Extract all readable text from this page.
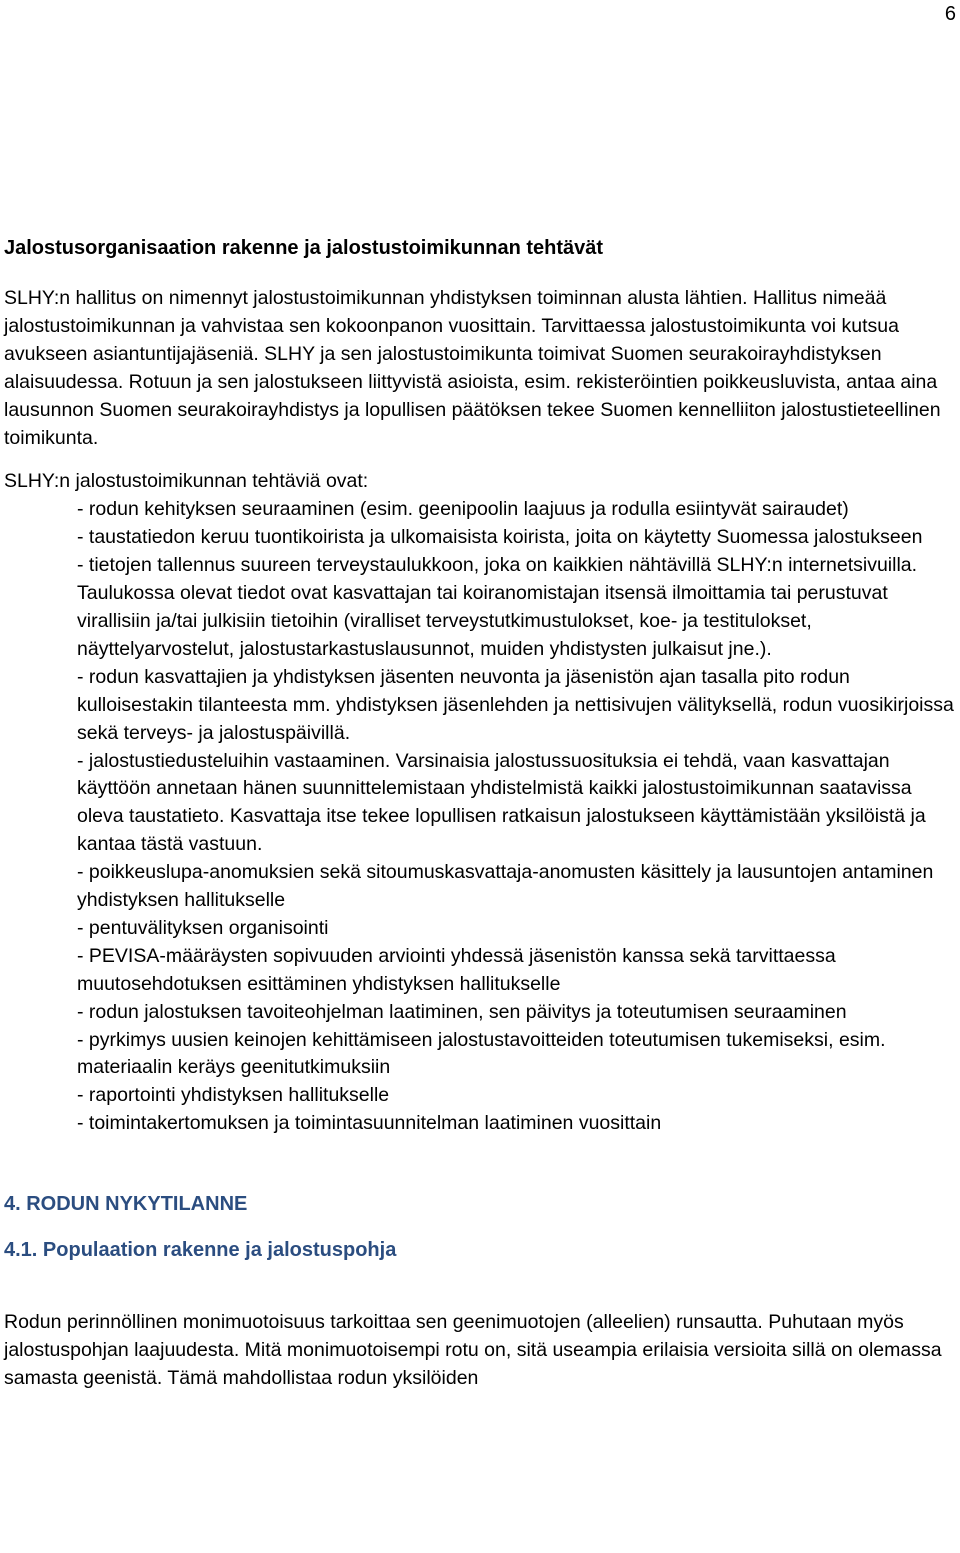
6
Jalostusorganisaation rakenne ja jalostustoimikunnan tehtävät

SLHY:n hallitus on nimennyt jalostustoimikunnan yhdistyksen toiminnan alusta lähtien. Hallitus nimeää jalostustoimikunnan ja vahvistaa sen kokoonpanon vuosittain. Tarvittaessa jalostustoimikunta voi kutsua avukseen asiantuntijajäseniä. SLHY ja sen jalostustoimikunta toimivat Suomen seurakoirayhdistyksen alaisuudessa. Rotuun ja sen jalostukseen liittyvistä asioista, esim. rekisteröintien poikkeusluvista, antaa aina lausunnon Suomen seurakoirayhdistys ja lopullisen päätöksen tekee Suomen kennelliiton jalostustieteellinen toimikunta.

SLHY:n jalostustoimikunnan tehtäviä ovat:

- rodun kehityksen seuraaminen (esim. geenipoolin laajuus ja rodulla esiintyvät sairaudet)
- taustatiedon keruu tuontikoirista ja ulkomaisista koirista, joita on käytetty Suomessa jalostukseen
- tietojen tallennus suureen terveystaulukkoon, joka on kaikkien nähtävillä SLHY:n internetsivuilla. Taulukossa olevat tiedot ovat kasvattajan tai koiranomistajan itsensä ilmoittamia tai perustuvat virallisiin ja/tai julkisiin tietoihin (viralliset terveystutkimustulokset, koe- ja testitulokset, näyttelyarvostelut, jalostustarkastuslausunnot, muiden yhdistysten julkaisut jne.).
- rodun kasvattajien ja yhdistyksen jäsenten neuvonta ja jäsenistön ajan tasalla pito rodun kulloisestakin tilanteesta mm. yhdistyksen jäsenlehden ja nettisivujen välityksellä, rodun vuosikirjoissa sekä terveys- ja jalostuspäivillä.
- jalostustiedusteluihin vastaaminen. Varsinaisia jalostussuosituksia ei tehdä, vaan kasvattajan käyttöön annetaan hänen suunnittelemistaan yhdistelmistä kaikki jalostustoimikunnan saatavissa oleva taustatieto. Kasvattaja itse tekee lopullisen ratkaisun jalostukseen käyttämistään yksilöistä ja kantaa tästä vastuun.
- poikkeuslupa-anomuksien sekä sitoumuskasvattaja-anomusten käsittely ja lausuntojen antaminen yhdistyksen hallitukselle
- pentuvälityksen organisointi
- PEVISA-määräysten sopivuuden arviointi yhdessä jäsenistön kanssa sekä tarvittaessa muutosehdotuksen esittäminen yhdistyksen hallitukselle
- rodun jalostuksen tavoiteohjelman laatiminen, sen päivitys ja toteutumisen seuraaminen
- pyrkimys uusien keinojen kehittämiseen jalostustavoitteiden toteutumisen tukemiseksi, esim. materiaalin keräys geenitutkimuksiin
- raportointi yhdistyksen hallitukselle
- toimintakertomuksen ja toimintasuunnitelman laatiminen vuosittain
4. RODUN NYKYTILANNE
4.1. Populaation rakenne ja jalostuspohja

Rodun perinnöllinen monimuotoisuus tarkoittaa sen geenimuotojen (alleelien) runsautta. Puhutaan myös jalostuspohjan laajuudesta. Mitä monimuotoisempi rotu on, sitä useampia erilaisia versioita sillä on olemassa samasta geenistä. Tämä mahdollistaa rodun yksilöiden
